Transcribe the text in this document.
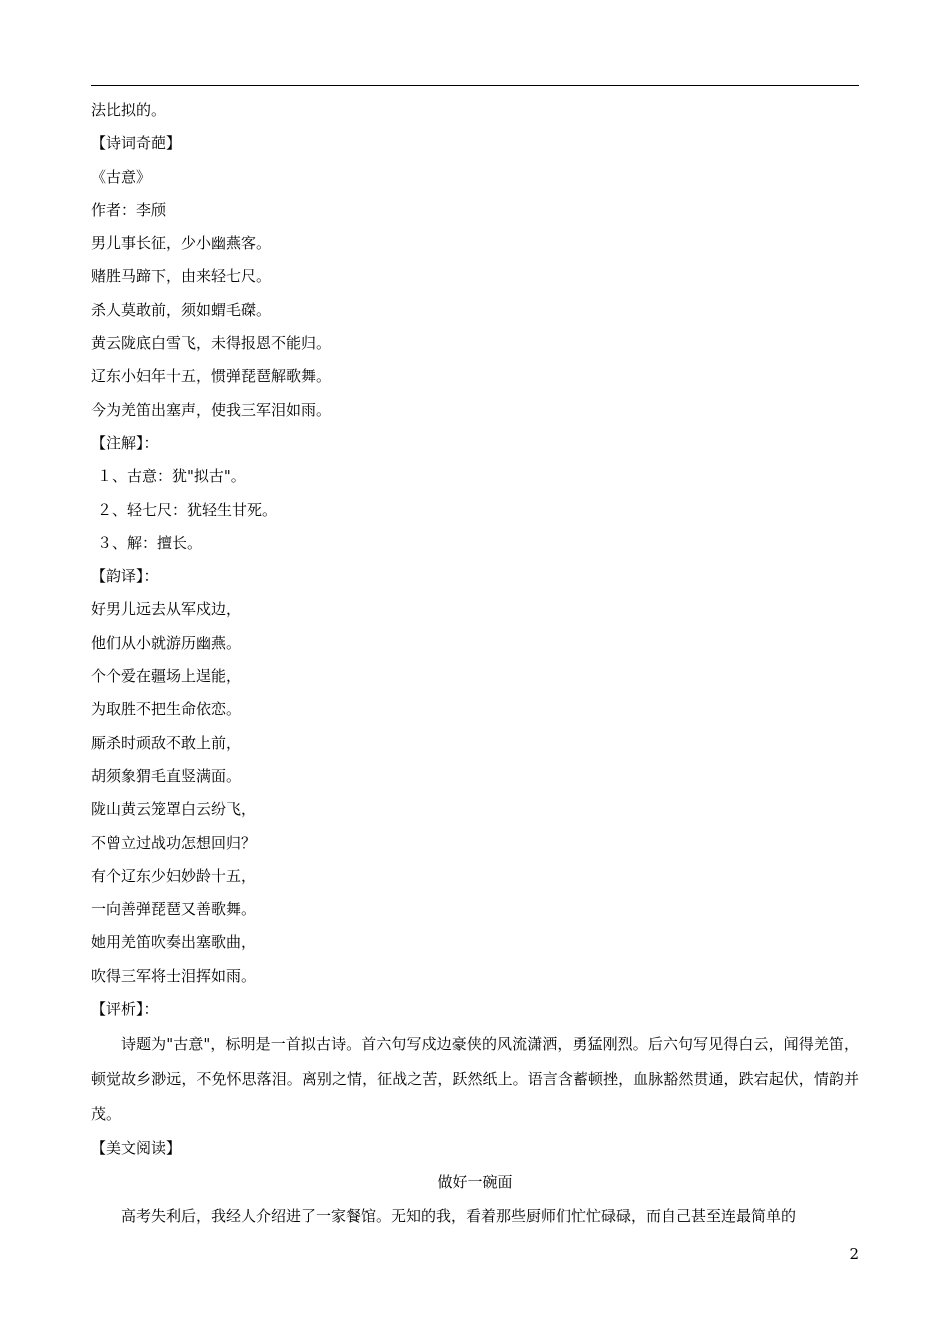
法比拟的。
【诗词奇葩】
《古意》
作者：李颀
男儿事长征，少小幽燕客。
赌胜马蹄下，由来轻七尺。
杀人莫敢前，须如蝟毛磔。
黄云陇底白雪飞，未得报恩不能归。
辽东小妇年十五，惯弹琵琶解歌舞。
今为羌笛出塞声，使我三军泪如雨。
【注解】：
１、古意：犹"拟古"。
２、轻七尺：犹轻生甘死。
３、解：擅长。
【韵译】：
好男儿远去从军戍边，
他们从小就游历幽燕。
个个爱在疆场上逞能，
为取胜不把生命依恋。
厮杀时顽敌不敢上前，
胡须象猬毛直竖满面。
陇山黄云笼罩白云纷飞，
不曾立过战功怎想回归？
有个辽东少妇妙龄十五，
一向善弹琵琶又善歌舞。
她用羌笛吹奏出塞歌曲，
吹得三军将士泪挥如雨。
【评析】：

诗题为"古意"，标明是一首拟古诗。首六句写戍边豪侠的风流潇洒，勇猛刚烈。后六句写见得白云，闻得羌笛，顿觉故乡渺远，不免怀思落泪。离别之情，征战之苦，跃然纸上。语言含蓄顿挫，血脉豁然贯通，跌宕起伏，情韵并茂。

【美文阅读】
做好一碗面

高考失利后，我经人介绍进了一家餐馆。无知的我，看着那些厨师们忙忙碌碌，而自己甚至连最简单的

2
